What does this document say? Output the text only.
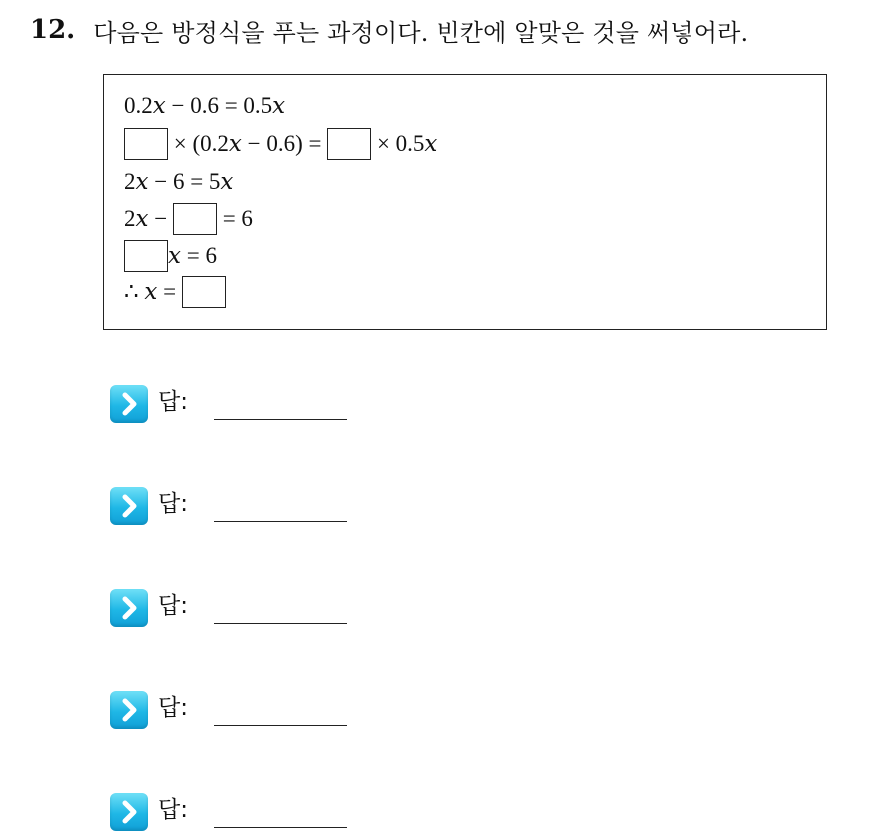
12. 다음은 방정식을 푸는 과정이다. 빈칸에 알맞은 것을 써넣어라.
0.2𝑥 − 0.6 = 0.5𝑥
× (0.2𝑥 − 0.6) = × 0.5𝑥
2𝑥 − 6 = 5𝑥
2𝑥 − = 6
𝑥 = 6
∴ 𝑥 =
답:
답:
답:
답:
답:
